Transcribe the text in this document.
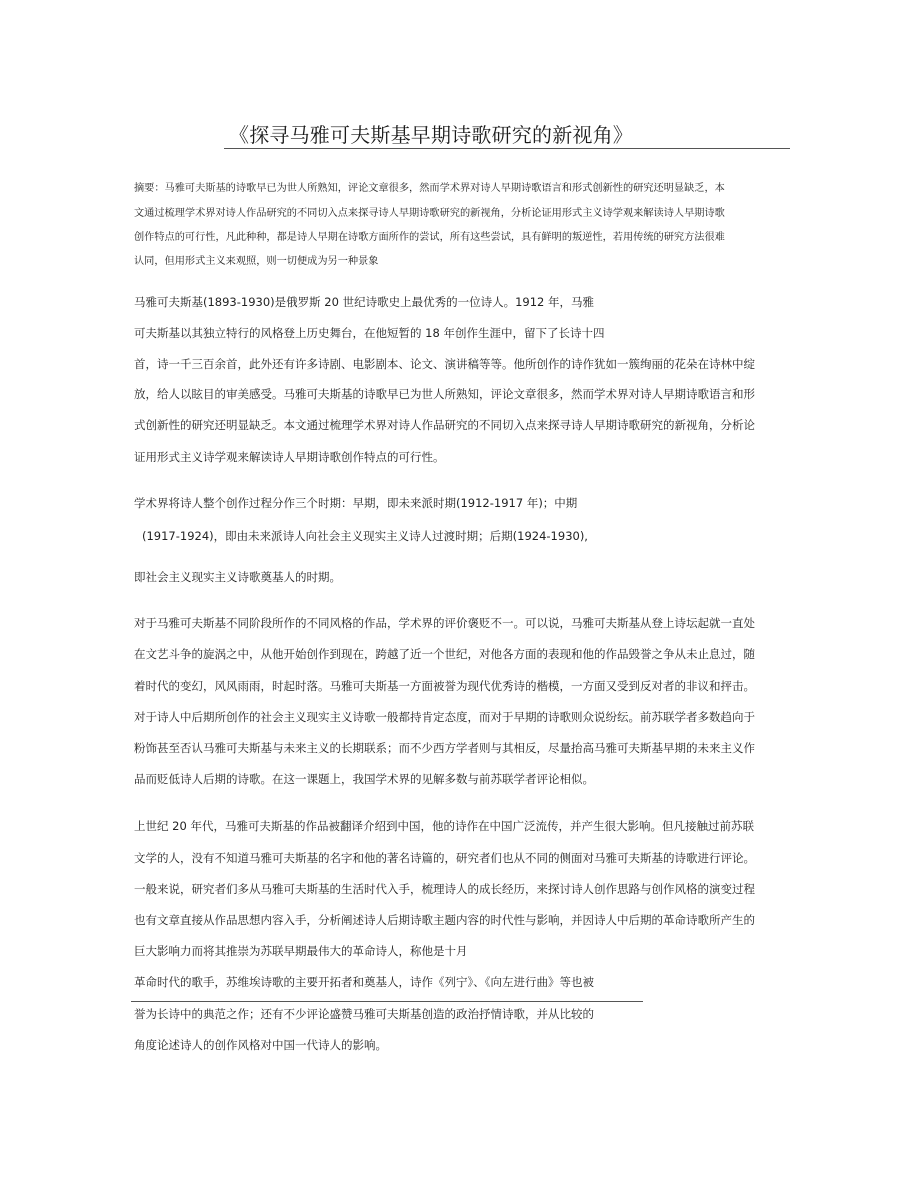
《探寻马雅可夫斯基早期诗歌研究的新视角》
摘要：马雅可夫斯基的诗歌早已为世人所熟知，评论文章很多，然而学术界对诗人早期诗歌语言和形式创新性的研究还明显缺乏，本
文通过梳理学术界对诗人作品研究的不同切入点来探寻诗人早期诗歌研究的新视角，分析论证用形式主义诗学观来解读诗人早期诗歌
创作特点的可行性，凡此种种，都是诗人早期在诗歌方面所作的尝试，所有这些尝试，具有鲜明的叛逆性，若用传统的研究方法很难
认同，但用形式主义来观照，则一切便成为另一种景象
马雅可夫斯基(1893-1930)是俄罗斯 20 世纪诗歌史上最优秀的一位诗人。1912 年，马雅
可夫斯基以其独立特行的风格登上历史舞台，在他短暂的 18 年创作生涯中，留下了长诗十四
首，诗一千三百余首，此外还有许多诗剧、电影剧本、论文、演讲稿等等。他所创作的诗作犹如一簇绚丽的花朵在诗林中绽
放，给人以眩目的审美感受。马雅可夫斯基的诗歌早已为世人所熟知，评论文章很多，然而学术界对诗人早期诗歌语言和形
式创新性的研究还明显缺乏。本文通过梳理学术界对诗人作品研究的不同切入点来探寻诗人早期诗歌研究的新视角，分析论
证用形式主义诗学观来解读诗人早期诗歌创作特点的可行性。
学术界将诗人整个创作过程分作三个时期：早期，即未来派时期(1912-1917 年)；中期
(1917-1924)，即由未来派诗人向社会主义现实主义诗人过渡时期；后期(1924-1930),
即社会主义现实主义诗歌奠基人的时期。
对于马雅可夫斯基不同阶段所作的不同风格的作品，学术界的评价褒贬不一。可以说，马雅可夫斯基从登上诗坛起就一直处
在文艺斗争的旋涡之中，从他开始创作到现在，跨越了近一个世纪，对他各方面的表现和他的作品毁誉之争从未止息过，随
着时代的变幻，风风雨雨，时起时落。马雅可夫斯基一方面被誉为现代优秀诗的楷模，一方面又受到反对者的非议和抨击。
对于诗人中后期所创作的社会主义现实主义诗歌一般都持肯定态度，而对于早期的诗歌则众说纷纭。前苏联学者多数趋向于
粉饰甚至否认马雅可夫斯基与未来主义的长期联系；而不少西方学者则与其相反，尽量抬高马雅可夫斯基早期的未来主义作
品而贬低诗人后期的诗歌。在这一课题上，我国学术界的见解多数与前苏联学者评论相似。
上世纪 20 年代，马雅可夫斯基的作品被翻译介绍到中国，他的诗作在中国广泛流传，并产生很大影响。但凡接触过前苏联
文学的人，没有不知道马雅可夫斯基的名字和他的著名诗篇的，研究者们也从不同的侧面对马雅可夫斯基的诗歌进行评论。
一般来说，研究者们多从马雅可夫斯基的生活时代入手，梳理诗人的成长经历，来探讨诗人创作思路与创作风格的演变过程
也有文章直接从作品思想内容入手，分析阐述诗人后期诗歌主题内容的时代性与影响，并因诗人中后期的革命诗歌所产生的
巨大影响力而将其推崇为苏联早期最伟大的革命诗人，称他是十月
革命时代的歌手，苏维埃诗歌的主要开拓者和奠基人，诗作《列宁》、《向左进行曲》等也被
誉为长诗中的典范之作；还有不少评论盛赞马雅可夫斯基创造的政治抒情诗歌，并从比较的
角度论述诗人的创作风格对中国一代诗人的影响。
